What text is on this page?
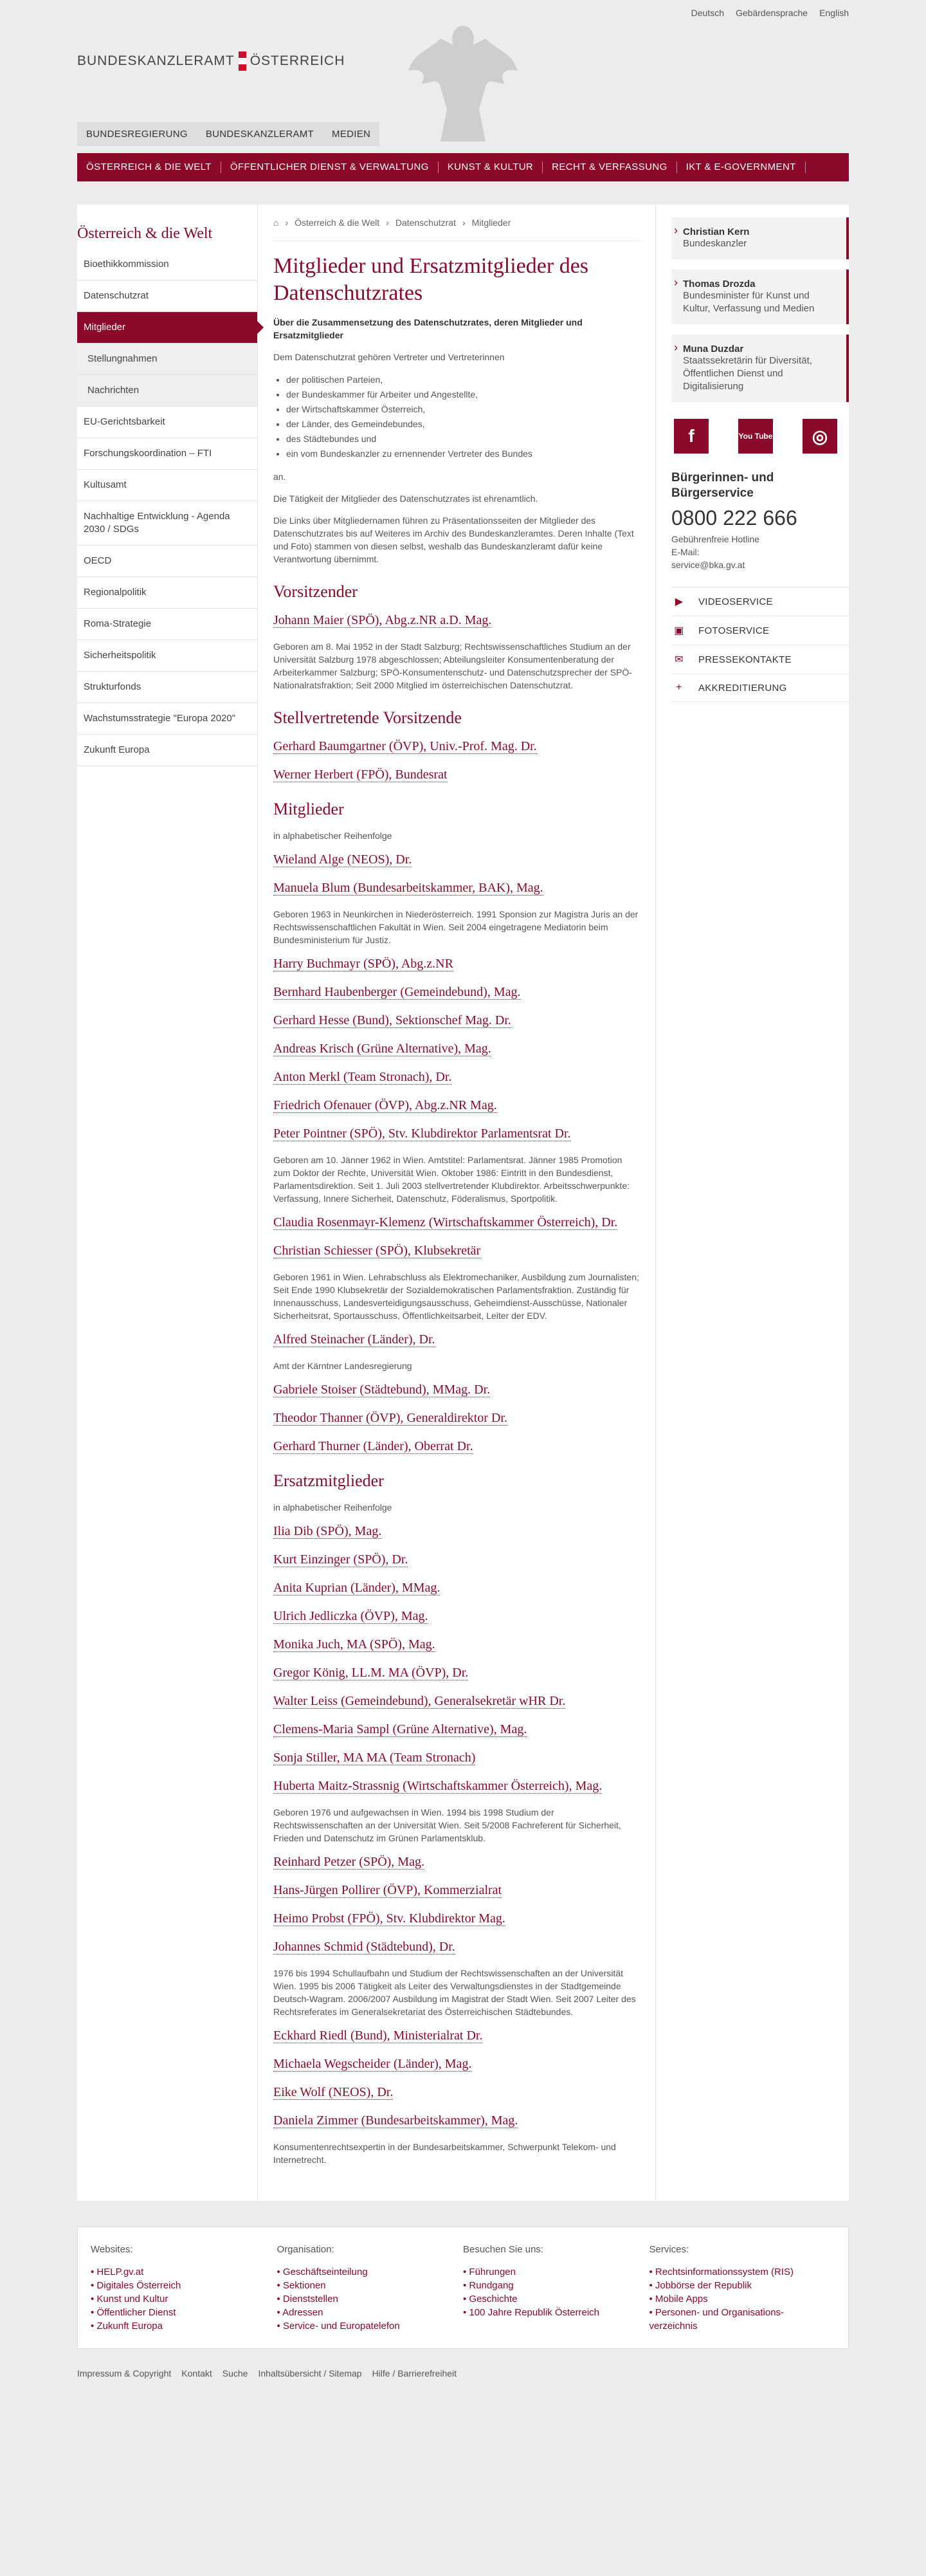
Deutsch Gebärdensprache English
BUNDESKANZLERAMT ÖSTERREICH
BUNDESREGIERUNG	BUNDESKANZLERAMT	MEDIEN
ÖSTERREICH & DIE WELT	ÖFFENTLICHER DIENST & VERWALTUNG	KUNST & KULTUR	RECHT & VERFASSUNG	IKT & E-GOVERNMENT
Österreich & die Welt
Bioethikkommission
Datenschutzrat
Mitglieder
Stellungnahmen
Nachrichten
EU-Gerichtsbarkeit
Forschungskoordination – FTI
Kultusamt
Nachhaltige Entwicklung - Agenda 2030 / SDGs
OECD
Regionalpolitik
Roma-Strategie
Sicherheitspolitik
Strukturfonds
Wachstumsstrategie "Europa 2020"
Zukunft Europa
⌂ › Österreich & die Welt › Datenschutzrat › Mitglieder
Mitglieder und Ersatzmitglieder des Datenschutzrates

Über die Zusammensetzung des Datenschutzrates, deren Mitglieder und Ersatzmitglieder

Dem Datenschutzrat gehören Vertreter und Vertreterinnen

• der politischen Parteien,
• der Bundeskammer für Arbeiter und Angestellte,
• der Wirtschaftskammer Österreich,
• der Länder, des Gemeindebundes,
• des Städtebundes und
• ein vom Bundeskanzler zu ernennender Vertreter des Bundes

an.

Die Tätigkeit der Mitglieder des Datenschutzrates ist ehrenamtlich.

Die Links über Mitgliedernamen führen zu Präsentationsseiten der Mitglieder des Datenschutzrates bis auf Weiteres im Archiv des Bundeskanzleramtes. Deren Inhalte (Text und Foto) stammen von diesen selbst, weshalb das Bundeskanzleramt dafür keine Verantwortung übernimmt.

Vorsitzender
Johann Maier (SPÖ), Abg.z.NR a.D. Mag.

Geboren am 8. Mai 1952 in der Stadt Salzburg; Rechtswissenschaftliches Studium an der Universität Salzburg 1978 abgeschlossen; Abteilungsleiter Konsumentenberatung der Arbeiterkammer Salzburg; SPÖ-Konsumentenschutz- und Datenschutzsprecher der SPÖ-Nationalratsfraktion; Seit 2000 Mitglied im österreichischen Datenschutzrat.

Stellvertretende Vorsitzende
Gerhard Baumgartner (ÖVP), Univ.-Prof. Mag. Dr.
Werner Herbert (FPÖ), Bundesrat
Mitglieder

in alphabetischer Reihenfolge

Wieland Alge (NEOS), Dr.
Manuela Blum (Bundesarbeitskammer, BAK), Mag.

Geboren 1963 in Neunkirchen in Niederösterreich. 1991 Sponsion zur Magistra Juris an der Rechtswissenschaftlichen Fakultät in Wien. Seit 2004 eingetragene Mediatorin beim Bundesministerium für Justiz.

Harry Buchmayr (SPÖ), Abg.z.NR
Bernhard Haubenberger (Gemeindebund), Mag.
Gerhard Hesse (Bund), Sektionschef Mag. Dr.
Andreas Krisch (Grüne Alternative), Mag.
Anton Merkl (Team Stronach), Dr.
Friedrich Ofenauer (ÖVP), Abg.z.NR Mag.
Peter Pointner (SPÖ), Stv. Klubdirektor Parlamentsrat Dr.

Geboren am 10. Jänner 1962 in Wien. Amtstitel: Parlamentsrat. Jänner 1985 Promotion zum Doktor der Rechte, Universität Wien. Oktober 1986: Eintritt in den Bundesdienst, Parlamentsdirektion. Seit 1. Juli 2003 stellvertretender Klubdirektor. Arbeitsschwerpunkte: Verfassung, Innere Sicherheit, Datenschutz, Föderalismus, Sportpolitik.

Claudia Rosenmayr-Klemenz (Wirtschaftskammer Österreich), Dr.
Christian Schiesser (SPÖ), Klubsekretär

Geboren 1961 in Wien. Lehrabschluss als Elektromechaniker, Ausbildung zum Journalisten; Seit Ende 1990 Klubsekretär der Sozialdemokratischen Parlamentsfraktion. Zuständig für Innenausschuss, Landesverteidigungsausschuss, Geheimdienst-Ausschüsse, Nationaler Sicherheitsrat, Sportausschuss, Öffentlichkeitsarbeit, Leiter der EDV.

Alfred Steinacher (Länder), Dr.

Amt der Kärntner Landesregierung

Gabriele Stoiser (Städtebund), MMag. Dr.
Theodor Thanner (ÖVP), Generaldirektor Dr.
Gerhard Thurner (Länder), Oberrat Dr.
Ersatzmitglieder

in alphabetischer Reihenfolge

Ilia Dib (SPÖ), Mag.
Kurt Einzinger (SPÖ), Dr.
Anita Kuprian (Länder), MMag.
Ulrich Jedliczka (ÖVP), Mag.
Monika Juch, MA (SPÖ), Mag.
Gregor König, LL.M. MA (ÖVP), Dr.
Walter Leiss (Gemeindebund), Generalsekretär wHR Dr.
Clemens-Maria Sampl (Grüne Alternative), Mag.
Sonja Stiller, MA MA (Team Stronach)
Huberta Maitz-Strassnig (Wirtschaftskammer Österreich), Mag.

Geboren 1976 und aufgewachsen in Wien. 1994 bis 1998 Studium der Rechtswissenschaften an der Universität Wien. Seit 5/2008 Fachreferent für Sicherheit, Frieden und Datenschutz im Grünen Parlamentsklub.

Reinhard Petzer (SPÖ), Mag.
Hans-Jürgen Pollirer (ÖVP), Kommerzialrat
Heimo Probst (FPÖ), Stv. Klubdirektor Mag.
Johannes Schmid (Städtebund), Dr.

1976 bis 1994 Schullaufbahn und Studium der Rechtswissenschaften an der Universität Wien. 1995 bis 2006 Tätigkeit als Leiter des Verwaltungsdienstes in der Stadtgemeinde Deutsch-Wagram. 2006/2007 Ausbildung im Magistrat der Stadt Wien. Seit 2007 Leiter des Rechtsreferates im Generalsekretariat des Österreichischen Städtebundes.

Eckhard Riedl (Bund), Ministerialrat Dr.
Michaela Wegscheider (Länder), Mag.
Eike Wolf (NEOS), Dr.
Daniela Zimmer (Bundesarbeitskammer), Mag.

Konsumentenrechtsexpertin in der Bundesarbeitskammer, Schwerpunkt Telekom- und Internetrecht.

› Christian Kern
Bundeskanzler
› Thomas Drozda
Bundesminister für Kunst und Kultur, Verfassung und Medien
› Muna Duzdar
Staatssekretärin für Diversität, Öffentlichen Dienst und Digitalisierung
f	You Tube	◎
Bürgerinnen- und Bürgerservice
0800 222 666

Gebührenfreie Hotline

E-Mail:

service@bka.gv.at

▶	VIDEOSERVICE
▣ FOTOSERVICE
✉	PRESSEKONTAKTE
+	AKKREDITIERUNG
Websites:
• HELP.gv.at
• Digitales Österreich
• Kunst und Kultur
• Öffentlicher Dienst
• Zukunft Europa
Organisation:
• Geschäftseinteilung
• Sektionen
• Dienststellen
• Adressen
• Service- und Europatelefon
Besuchen Sie uns:
• Führungen
• Rundgang
• Geschichte
• 100 Jahre Republik Österreich
Services:
• Rechtsinformationssystem (RIS)
• Jobbörse der Republik
• Mobile Apps
• Personen- und Organisations-verzeichnis
Impressum & Copyright Kontakt Suche Inhaltsübersicht / Sitemap Hilfe / Barrierefreiheit
